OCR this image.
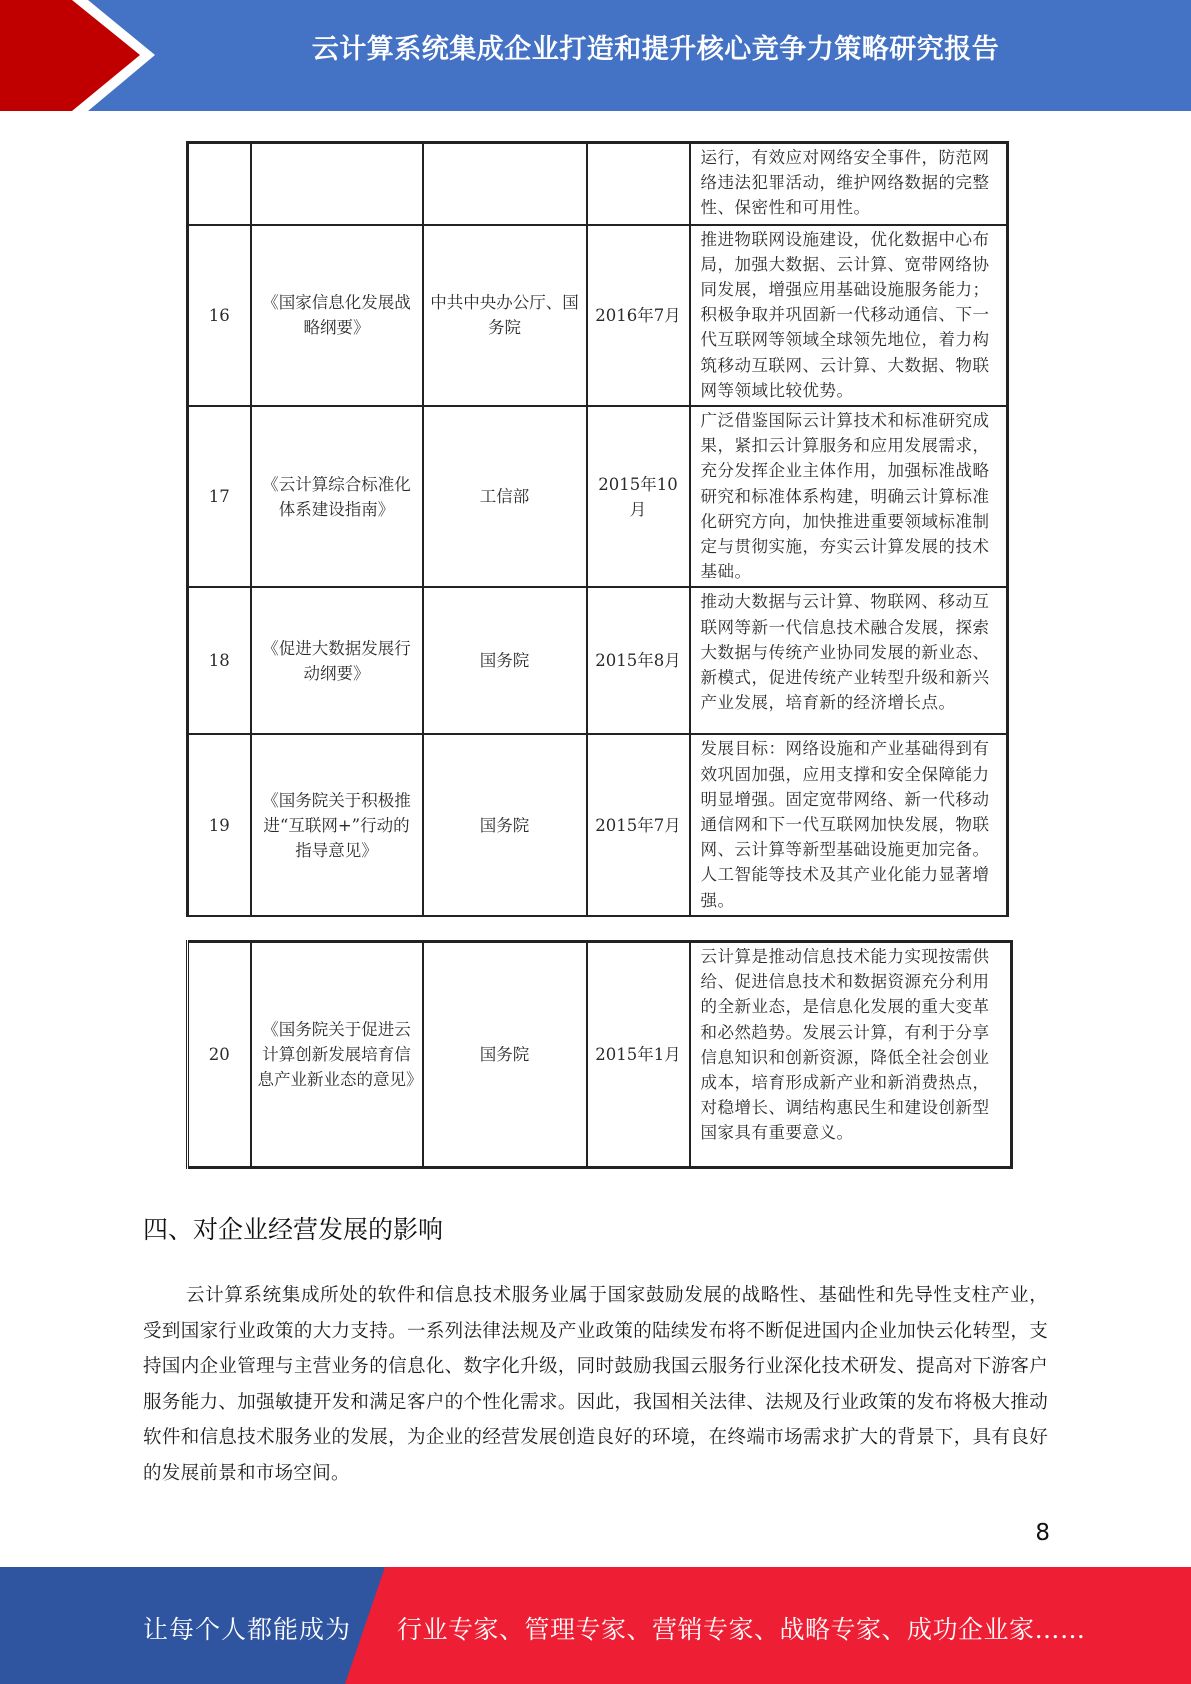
云计算系统集成企业打造和提升核心竞争力策略研究报告
				运行，有效应对网络安全事件，防范网络违法犯罪活动，维护网络数据的完整性、保密性和可用性。
16	《国家信息化发展战略纲要》	中共中央办公厅、国务院	2016年7月	推进物联网设施建设，优化数据中心布局，加强大数据、云计算、宽带网络协同发展，增强应用基础设施服务能力；积极争取并巩固新一代移动通信、下一代互联网等领域全球领先地位，着力构筑移动互联网、云计算、大数据、物联网等领域比较优势。
17	《云计算综合标准化体系建设指南》	工信部	2015年10月	广泛借鉴国际云计算技术和标准研究成果，紧扣云计算服务和应用发展需求，充分发挥企业主体作用，加强标准战略研究和标准体系构建，明确云计算标准化研究方向，加快推进重要领域标准制定与贯彻实施，夯实云计算发展的技术基础。
18	《促进大数据发展行动纲要》	国务院	2015年8月	推动大数据与云计算、物联网、移动互联网等新一代信息技术融合发展，探索大数据与传统产业协同发展的新业态、新模式，促进传统产业转型升级和新兴产业发展，培育新的经济增长点。
19	《国务院关于积极推进“互联网+”行动的指导意见》	国务院	2015年7月	发展目标：网络设施和产业基础得到有效巩固加强，应用支撑和安全保障能力明显增强。固定宽带网络、新一代移动通信网和下一代互联网加快发展，物联网、云计算等新型基础设施更加完备。人工智能等技术及其产业化能力显著增强。
20	《国务院关于促进云计算创新发展培育信息产业新业态的意见》	国务院	2015年1月	云计算是推动信息技术能力实现按需供给、促进信息技术和数据资源充分利用的全新业态，是信息化发展的重大变革和必然趋势。发展云计算，有利于分享信息知识和创新资源，降低全社会创业成本，培育形成新产业和新消费热点，对稳增长、调结构惠民生和建设创新型国家具有重要意义。
四、对企业经营发展的影响
云计算系统集成所处的软件和信息技术服务业属于国家鼓励发展的战略性、基础性和先导性支柱产业，受到国家行业政策的大力支持。一系列法律法规及产业政策的陆续发布将不断促进国内企业加快云化转型，支持国内企业管理与主营业务的信息化、数字化升级，同时鼓励我国云服务行业深化技术研发、提高对下游客户服务能力、加强敏捷开发和满足客户的个性化需求。因此，我国相关法律、法规及行业政策的发布将极大推动软件和信息技术服务业的发展，为企业的经营发展创造良好的环境，在终端市场需求扩大的背景下，具有良好的发展前景和市场空间。
8
让每个人都能成为 行业专家、管理专家、营销专家、战略专家、成功企业家……
